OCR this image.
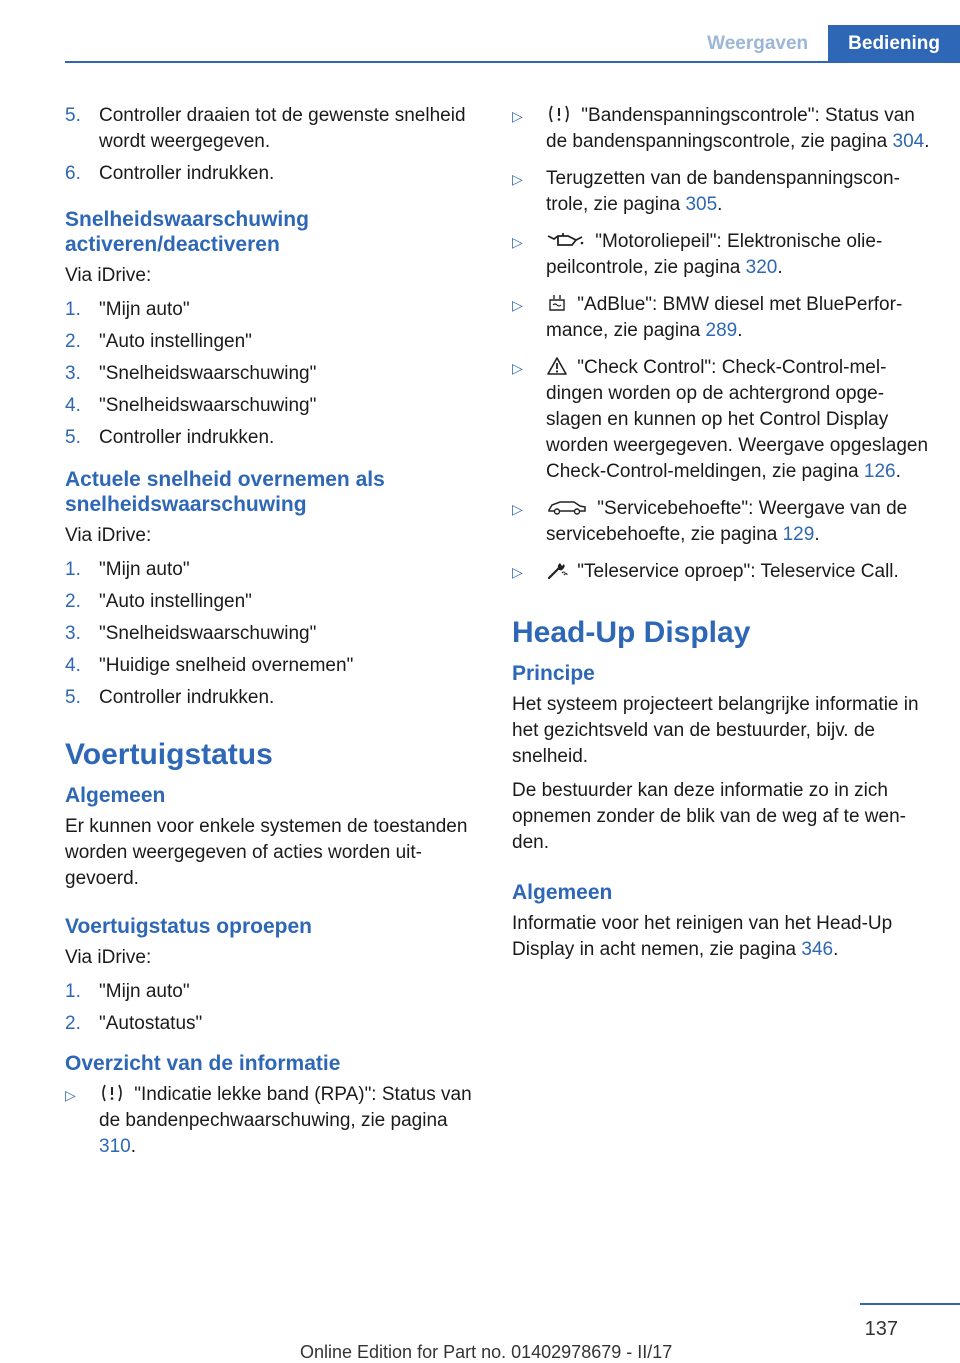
Weergaven	Bediening
5. Controller draaien tot de gewenste snelheid wordt weergegeven.
6. Controller indrukken.
Snelheidswaarschuwing activeren/deactiveren

Via iDrive:

1. "Mijn auto"
2. "Auto instellingen"
3. "Snelheidswaarschuwing"
4. "Snelheidswaarschuwing"
5. Controller indrukken.
Actuele snelheid overnemen als snelheidswaarschuwing

Via iDrive:

1. "Mijn auto"
2. "Auto instellingen"
3. "Snelheidswaarschuwing"
4. "Huidige snelheid overnemen"
5. Controller indrukken.
Voertuigstatus
Algemeen

Er kunnen voor enkele systemen de toestanden worden weergegeven of acties worden uitgevoerd.

Voertuigstatus oproepen

Via iDrive:

1. "Mijn auto"
2. "Autostatus"
Overzicht van de informatie
▷	"Indicatie lekke band (RPA)": Status van de bandenpechwaarschuwing, zie pagina 310.
▷	"Bandenspanningscontrole": Status van de bandenspanningscontrole, zie pagina 304.
▷ Terugzetten van de bandenspanningscontrole, zie pagina 305.
▷	"Motoroliepeil": Elektronische oliepeilcontrole, zie pagina 320.
▷	"AdBlue": BMW diesel met BluePerformance, zie pagina 289.
▷	"Check Control": Check-Control-meldingen worden op de achtergrond opgeslagen en kunnen op het Control Display worden weergegeven. Weergave opgeslagen Check-Control-meldingen, zie pagina 126.
▷	"Servicebehoefte": Weergave van de servicebehoefte, zie pagina 129.
▷	"Teleservice oproep": Teleservice Call.
Head-Up Display
Principe

Het systeem projecteert belangrijke informatie in het gezichtsveld van de bestuurder, bijv. de snelheid.

De bestuurder kan deze informatie zo in zich opnemen zonder de blik van de weg af te wenden.

Algemeen

Informatie voor het reinigen van het Head-Up Display in acht nemen, zie pagina 346.

137
Online Edition for Part no. 01402978679 - II/17
